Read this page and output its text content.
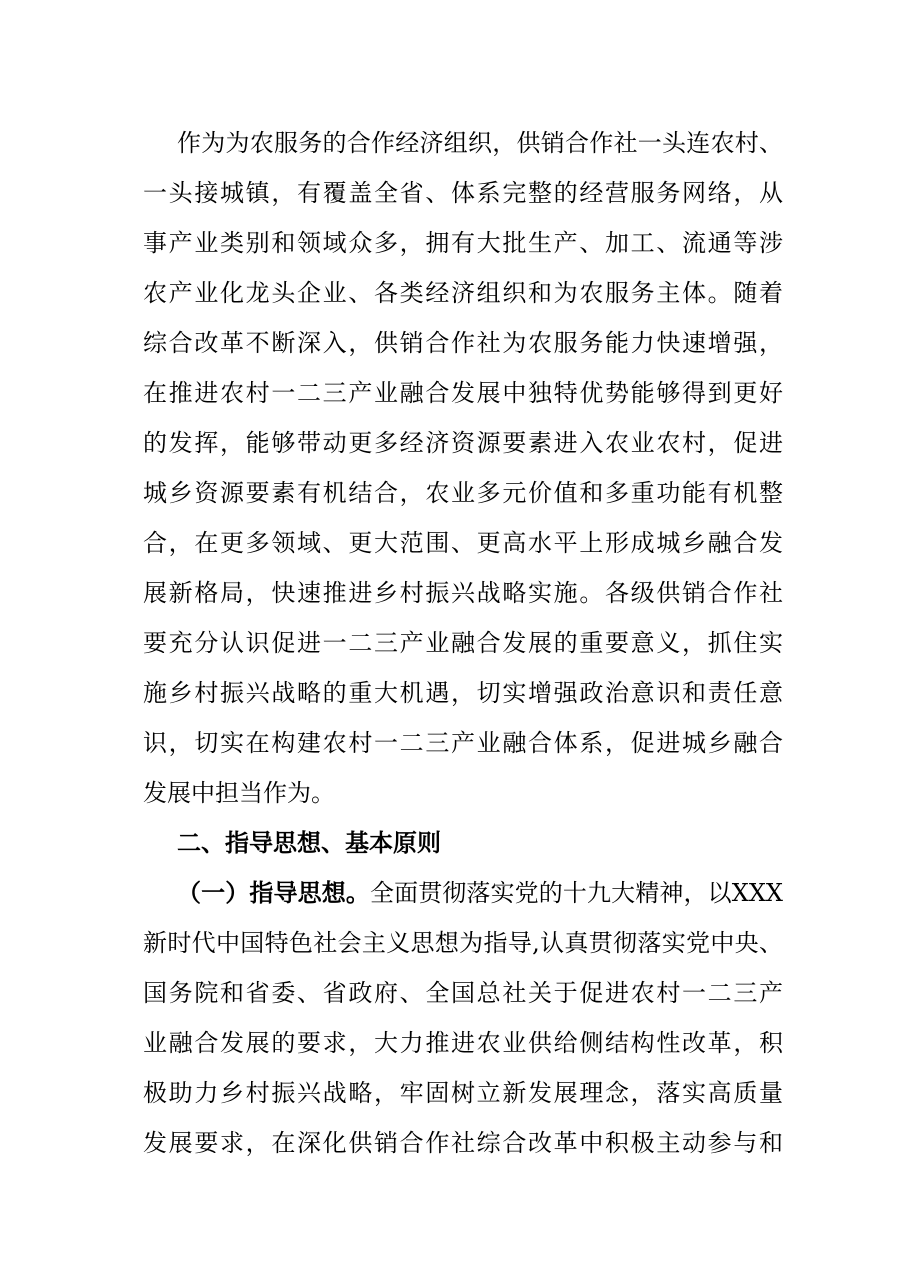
作为为农服务的合作经济组织，供销合作社一头连农村、
一头接城镇，有覆盖全省、体系完整的经营服务网络，从
事产业类别和领域众多，拥有大批生产、加工、流通等涉
农产业化龙头企业、各类经济组织和为农服务主体。随着
综合改革不断深入，供销合作社为农服务能力快速增强，
在推进农村一二三产业融合发展中独特优势能够得到更好
的发挥，能够带动更多经济资源要素进入农业农村，促进
城乡资源要素有机结合，农业多元价值和多重功能有机整
合，在更多领域、更大范围、更高水平上形成城乡融合发
展新格局，快速推进乡村振兴战略实施。各级供销合作社
要充分认识促进一二三产业融合发展的重要意义，抓住实
施乡村振兴战略的重大机遇，切实增强政治意识和责任意
识，切实在构建农村一二三产业融合体系，促进城乡融合
发展中担当作为。
二、指导思想、基本原则
（一）指导思想。全面贯彻落实党的十九大精神，以XXX
新时代中国特色社会主义思想为指导,认真贯彻落实党中央、
国务院和省委、省政府、全国总社关于促进农村一二三产
业融合发展的要求，大力推进农业供给侧结构性改革，积
极助力乡村振兴战略，牢固树立新发展理念，落实高质量
发展要求，在深化供销合作社综合改革中积极主动参与和
